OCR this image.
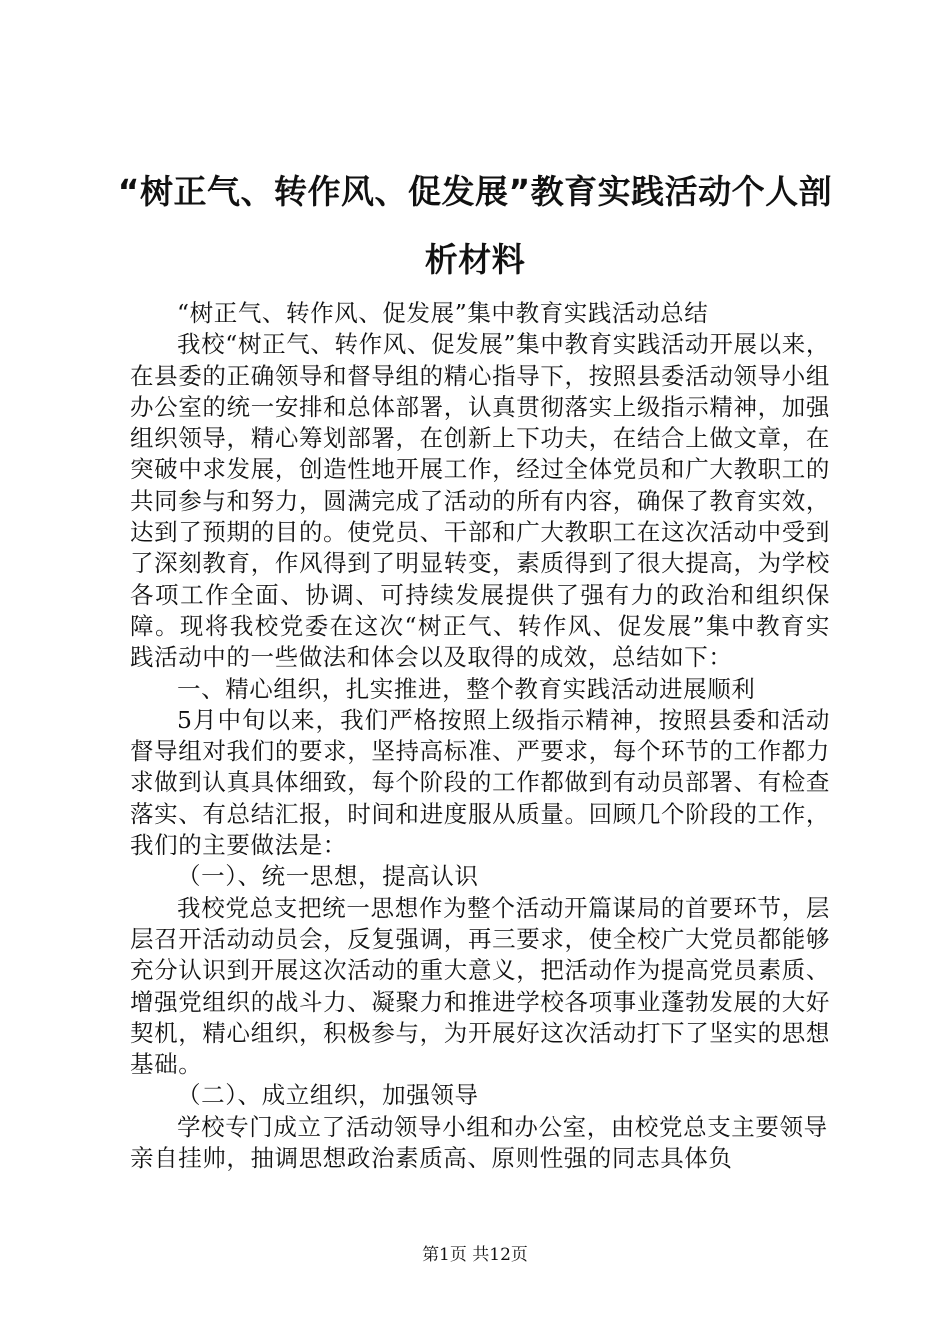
“树正气、转作风、促发展”教育实践活动个人剖析材料

“树正气、转作风、促发展”集中教育实践活动总结

我校“树正气、转作风、促发展”集中教育实践活动开展以来，在县委的正确领导和督导组的精心指导下，按照县委活动领导小组办公室的统一安排和总体部署，认真贯彻落实上级指示精神，加强组织领导，精心筹划部署，在创新上下功夫，在结合上做文章，在突破中求发展，创造性地开展工作，经过全体党员和广大教职工的共同参与和努力，圆满完成了活动的所有内容，确保了教育实效，达到了预期的目的。使党员、干部和广大教职工在这次活动中受到了深刻教育，作风得到了明显转变，素质得到了很大提高，为学校各项工作全面、协调、可持续发展提供了强有力的政治和组织保障。现将我校党委在这次“树正气、转作风、促发展”集中教育实践活动中的一些做法和体会以及取得的成效，总结如下：

一、精心组织，扎实推进，整个教育实践活动进展顺利

5月中旬以来，我们严格按照上级指示精神，按照县委和活动督导组对我们的要求，坚持高标准、严要求，每个环节的工作都力求做到认真具体细致，每个阶段的工作都做到有动员部署、有检查落实、有总结汇报，时间和进度服从质量。回顾几个阶段的工作，我们的主要做法是：

（一）、统一思想，提高认识

我校党总支把统一思想作为整个活动开篇谋局的首要环节，层层召开活动动员会，反复强调，再三要求，使全校广大党员都能够充分认识到开展这次活动的重大意义，把活动作为提高党员素质、增强党组织的战斗力、凝聚力和推进学校各项事业蓬勃发展的大好契机，精心组织，积极参与，为开展好这次活动打下了坚实的思想基础。

（二）、成立组织，加强领导

学校专门成立了活动领导小组和办公室，由校党总支主要领导亲自挂帅，抽调思想政治素质高、原则性强的同志具体负

第1页 共12页
